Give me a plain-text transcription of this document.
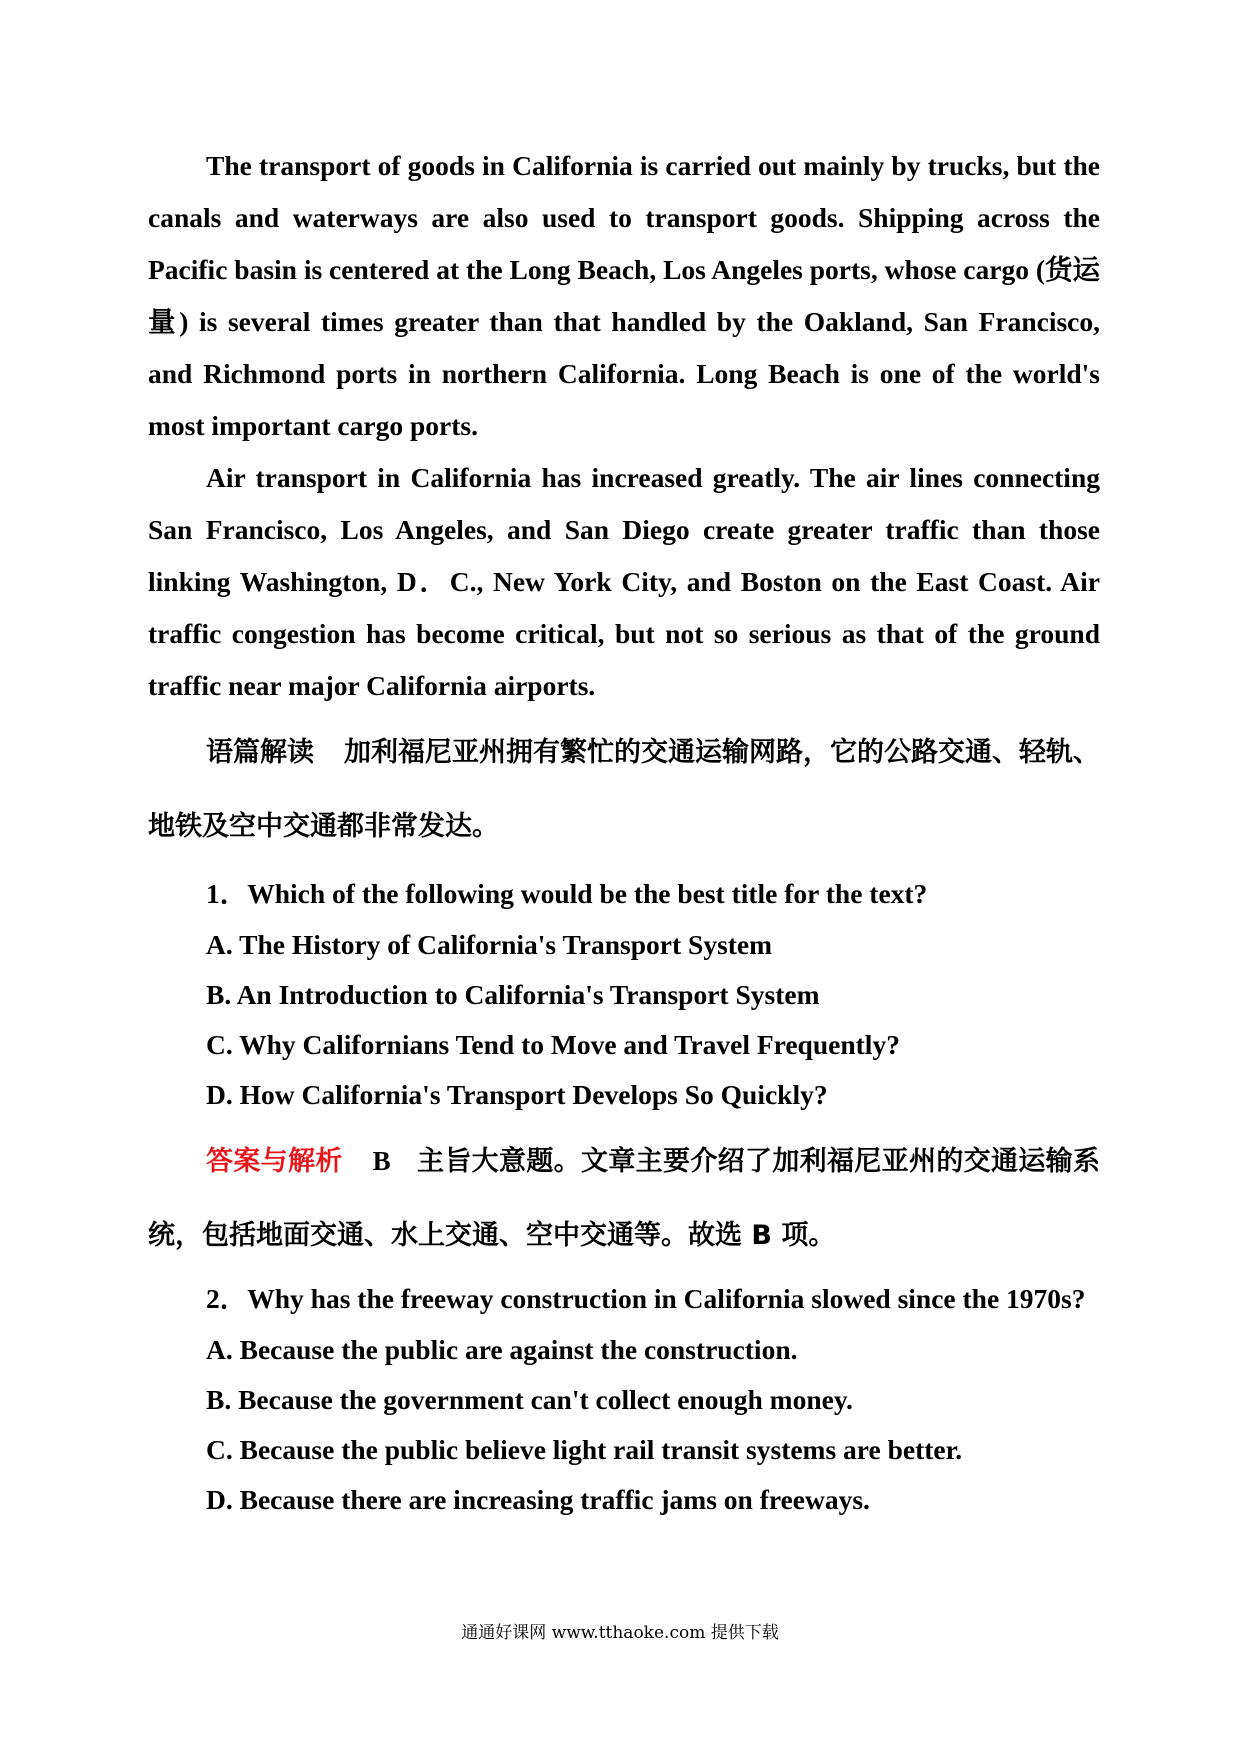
The transport of goods in California is carried out mainly by trucks, but the canals and waterways are also used to transport goods. Shipping across the Pacific basin is centered at the Long Beach, Los Angeles ports, whose cargo (货运量) is several times greater than that handled by the Oakland, San Francisco, and Richmond ports in northern California. Long Beach is one of the world's most important cargo ports.

Air transport in California has increased greatly. The air lines connecting San Francisco, Los Angeles, and San Diego create greater traffic than those linking Washington, D．C., New York City, and Boston on the East Coast. Air traffic congestion has become critical, but not so serious as that of the ground traffic near major California airports.

语篇解读 加利福尼亚州拥有繁忙的交通运输网路，它的公路交通、轻轨、地铁及空中交通都非常发达。

1．Which of the following would be the best title for the text?

A. The History of California's Transport System

B. An Introduction to California's Transport System

C. Why Californians Tend to Move and Travel Frequently?

D. How California's Transport Develops So Quickly?

答案与解析 B 主旨大意题。文章主要介绍了加利福尼亚州的交通运输系统，包括地面交通、水上交通、空中交通等。故选 B 项。

2．Why has the freeway construction in California slowed since the 1970s?

A. Because the public are against the construction.

B. Because the government can't collect enough money.

C. Because the public believe light rail transit systems are better.

D. Because there are increasing traffic jams on freeways.

通通好课网 www.tthaoke.com 提供下载
